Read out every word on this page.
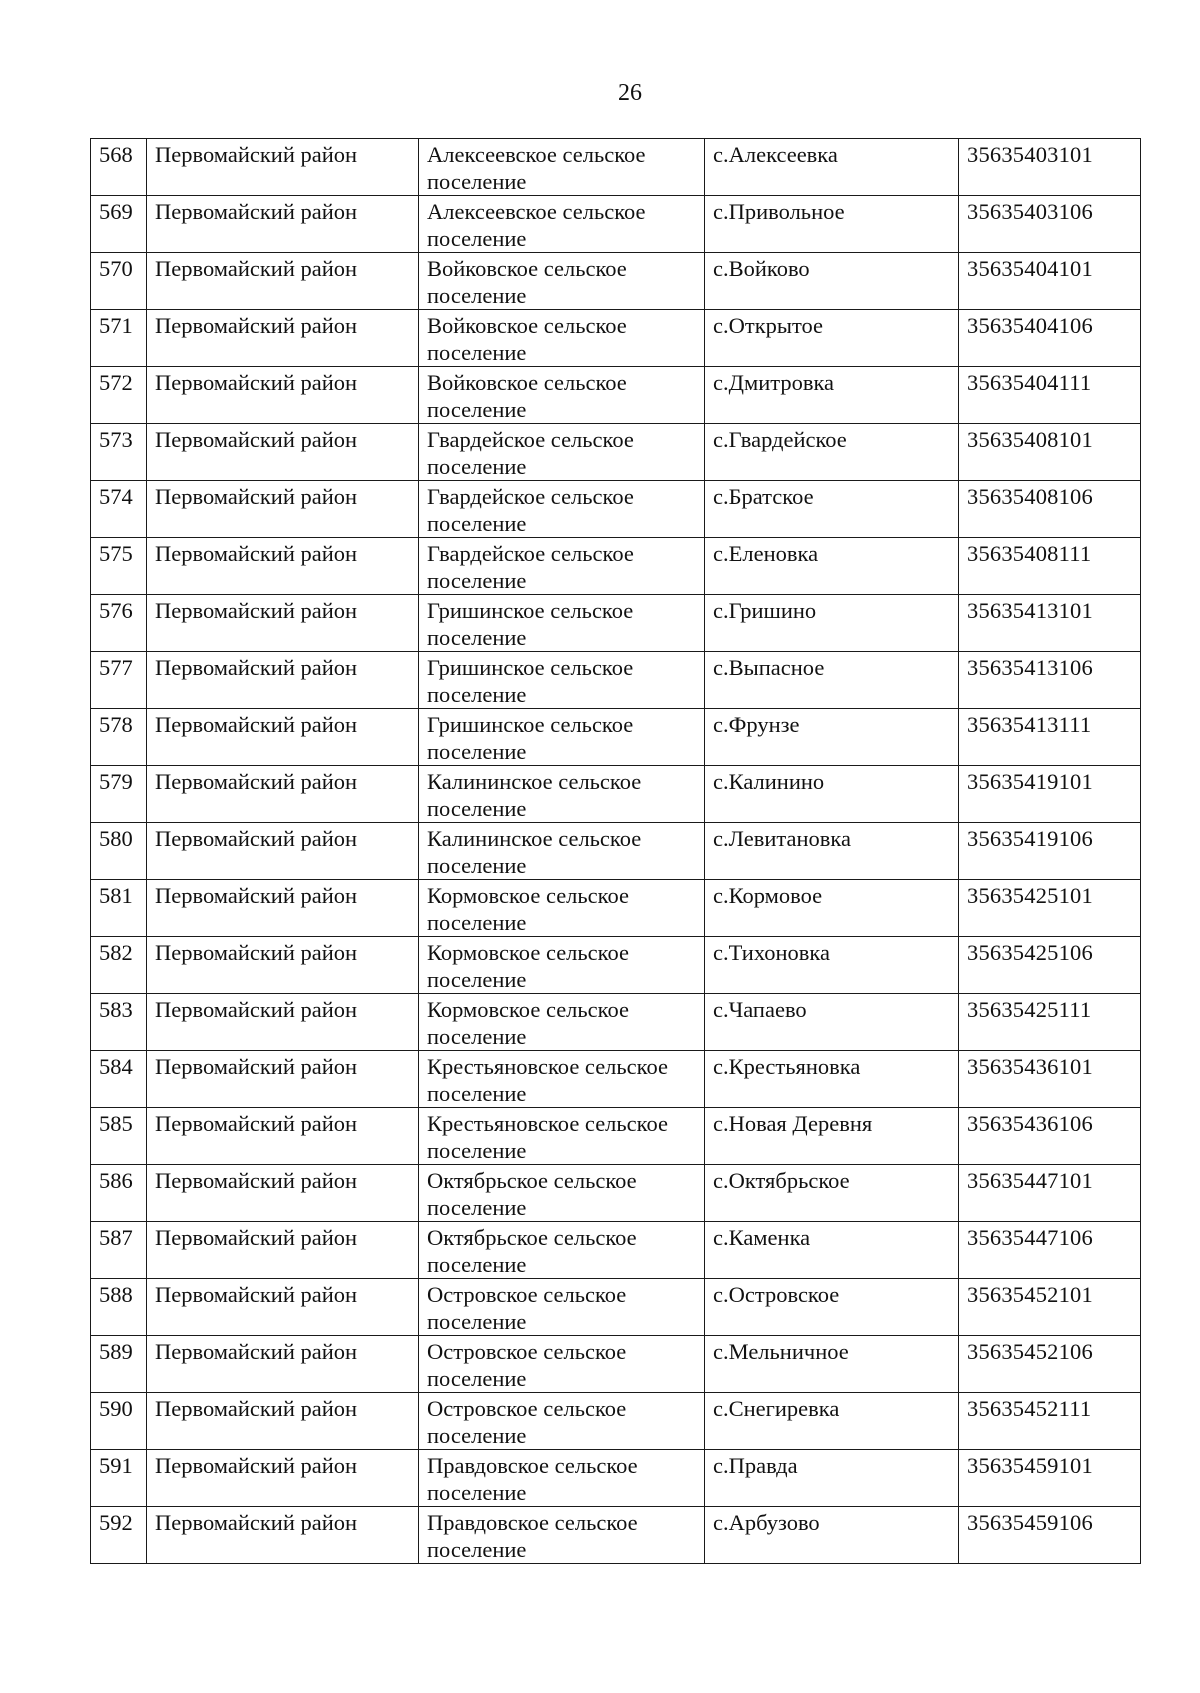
26
568	Первомайский район	Алексеевское сельское
поселение	с.Алексеевка	35635403101
569	Первомайский район	Алексеевское сельское
поселение	с.Привольное	35635403106
570	Первомайский район	Войковское сельское
поселение	с.Войково	35635404101
571	Первомайский район	Войковское сельское
поселение	с.Открытое	35635404106
572	Первомайский район	Войковское сельское
поселение	с.Дмитровка	35635404111
573	Первомайский район	Гвардейское сельское
поселение	с.Гвардейское	35635408101
574	Первомайский район	Гвардейское сельское
поселение	с.Братское	35635408106
575	Первомайский район	Гвардейское сельское
поселение	с.Еленовка	35635408111
576	Первомайский район	Гришинское сельское
поселение	с.Гришино	35635413101
577	Первомайский район	Гришинское сельское
поселение	с.Выпасное	35635413106
578	Первомайский район	Гришинское сельское
поселение	с.Фрунзе	35635413111
579	Первомайский район	Калининское сельское
поселение	с.Калинино	35635419101
580	Первомайский район	Калининское сельское
поселение	с.Левитановка	35635419106
581	Первомайский район	Кормовское сельское
поселение	с.Кормовое	35635425101
582	Первомайский район	Кормовское сельское
поселение	с.Тихоновка	35635425106
583	Первомайский район	Кормовское сельское
поселение	с.Чапаево	35635425111
584	Первомайский район	Крестьяновское сельское
поселение	с.Крестьяновка	35635436101
585	Первомайский район	Крестьяновское сельское
поселение	с.Новая Деревня	35635436106
586	Первомайский район	Октябрьское сельское
поселение	с.Октябрьское	35635447101
587	Первомайский район	Октябрьское сельское
поселение	с.Каменка	35635447106
588	Первомайский район	Островское сельское
поселение	с.Островское	35635452101
589	Первомайский район	Островское сельское
поселение	с.Мельничное	35635452106
590	Первомайский район	Островское сельское
поселение	с.Снегиревка	35635452111
591	Первомайский район	Правдовское сельское
поселение	с.Правда	35635459101
592	Первомайский район	Правдовское сельское
поселение	с.Арбузово	35635459106
